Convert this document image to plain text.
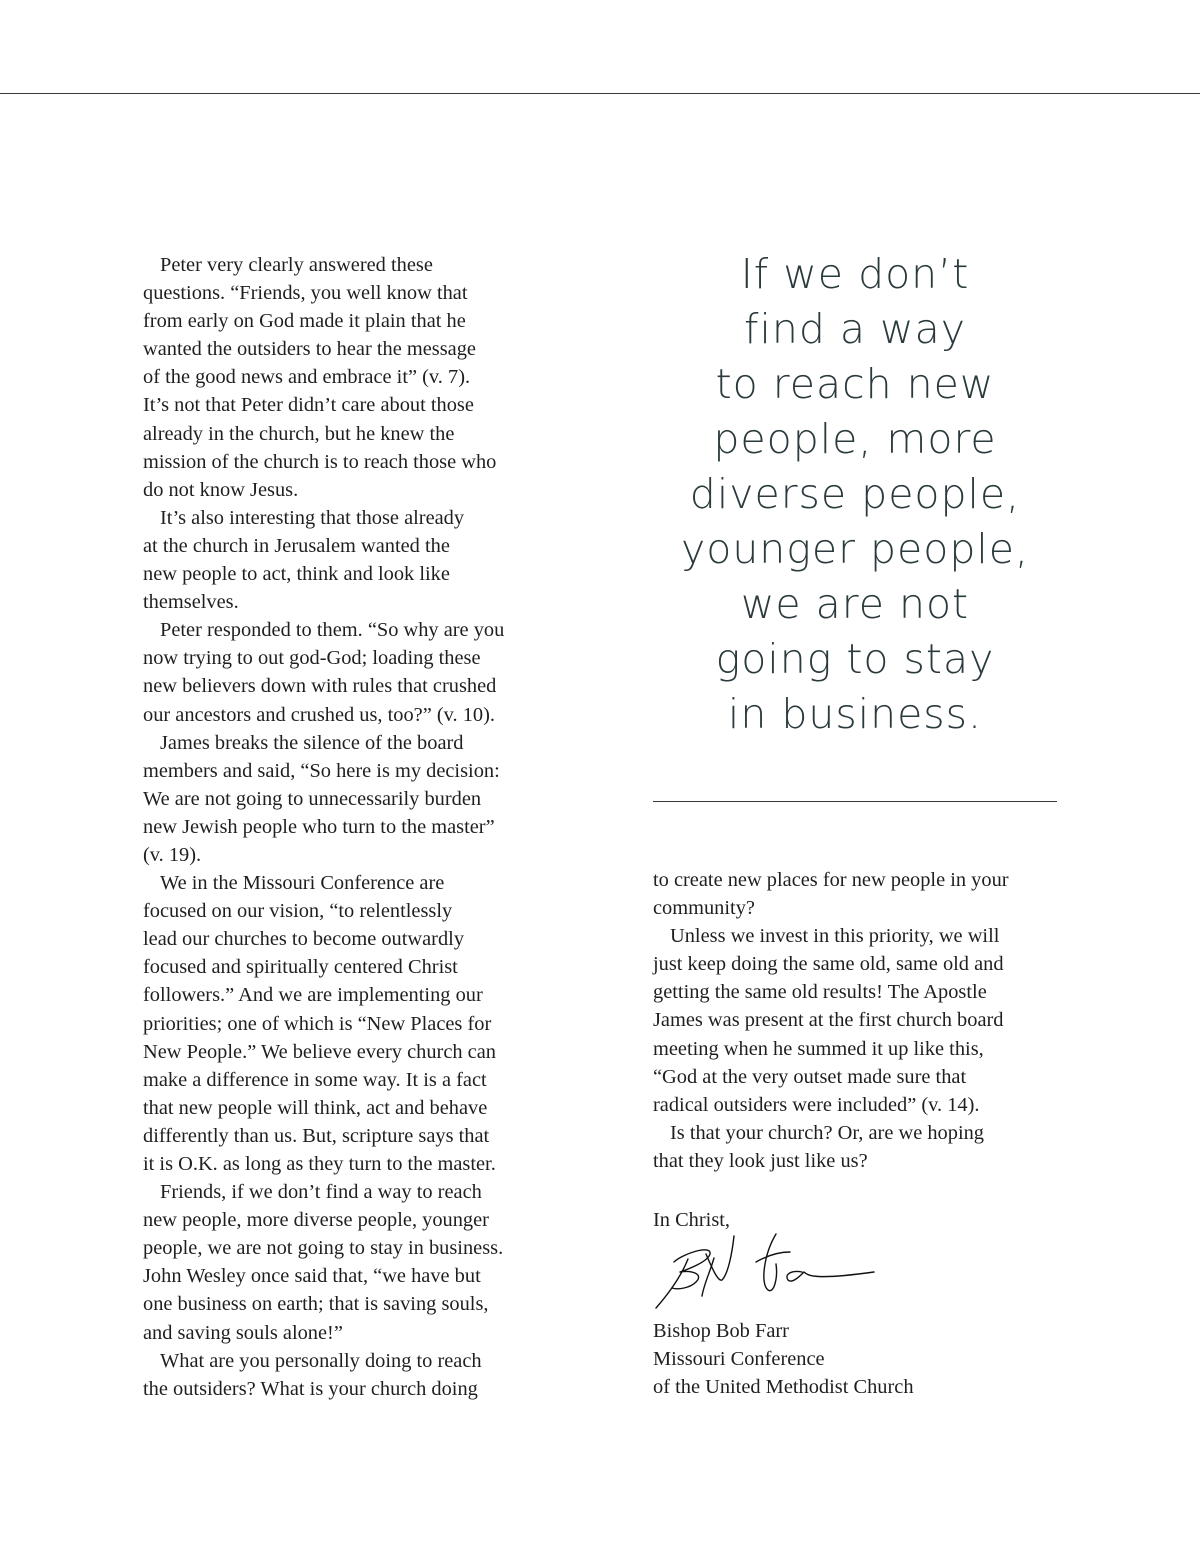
Peter very clearly answered these
questions. “Friends, you well know that
from early on God made it plain that he
wanted the outsiders to hear the message
of the good news and embrace it” (v. 7).
It’s not that Peter didn’t care about those
already in the church, but he knew the
mission of the church is to reach those who
do not know Jesus.
It’s also interesting that those already
at the church in Jerusalem wanted the
new people to act, think and look like
themselves.
Peter responded to them. “So why are you
now trying to out god-God; loading these
new believers down with rules that crushed
our ancestors and crushed us, too?” (v. 10).
James breaks the silence of the board
members and said, “So here is my decision:
We are not going to unnecessarily burden
new Jewish people who turn to the master”
(v. 19).
We in the Missouri Conference are
focused on our vision, “to relentlessly
lead our churches to become outwardly
focused and spiritually centered Christ
followers.” And we are implementing our
priorities; one of which is “New Places for
New People.” We believe every church can
make a difference in some way. It is a fact
that new people will think, act and behave
differently than us. But, scripture says that
it is O.K. as long as they turn to the master.
Friends, if we don’t find a way to reach
new people, more diverse people, younger
people, we are not going to stay in business.
John Wesley once said that, “we have but
one business on earth; that is saving souls,
and saving souls alone!”
What are you personally doing to reach
the outsiders? What is your church doing
If we don’t
find a way
to reach new
people, more
diverse people,
younger people,
we are not
going to stay
in business.
to create new places for new people in your
community?
Unless we invest in this priority, we will
just keep doing the same old, same old and
getting the same old results! The Apostle
James was present at the first church board
meeting when he summed it up like this,
“God at the very outset made sure that
radical outsiders were included” (v. 14).
Is that your church? Or, are we hoping
that they look just like us?
In Christ,
Bishop Bob Farr
Missouri Conference
of the United Methodist Church
